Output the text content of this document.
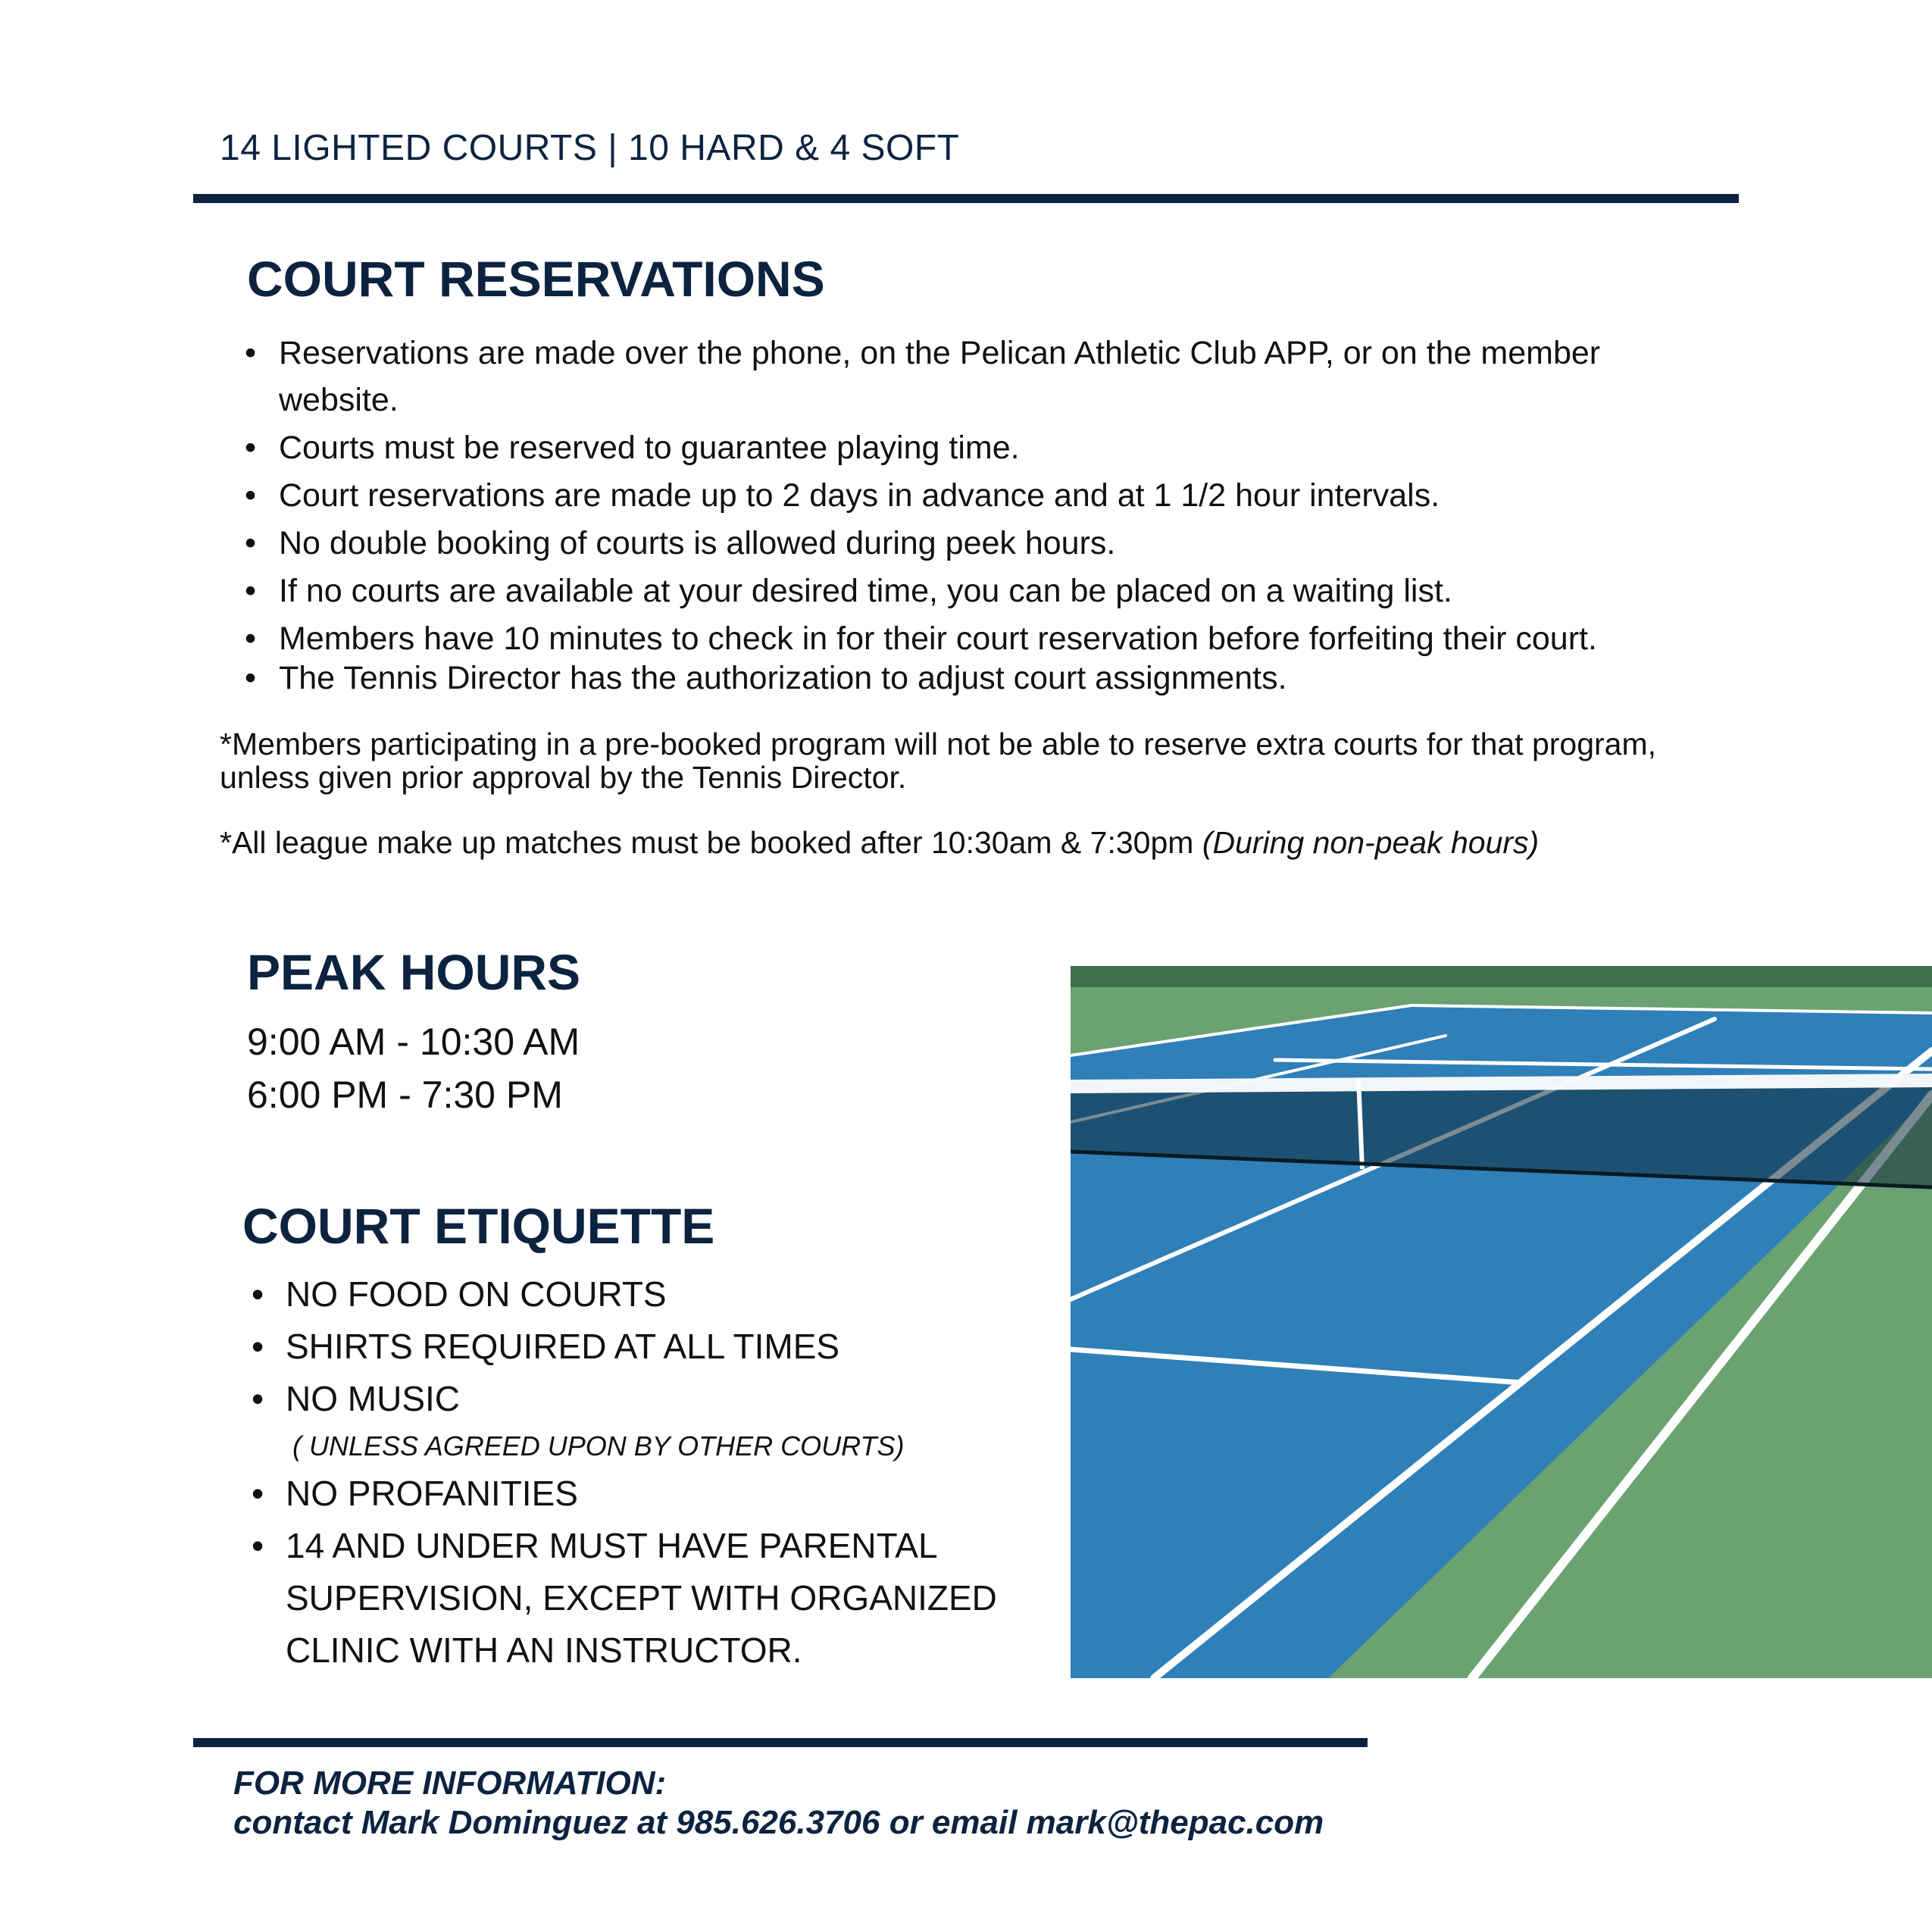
14 LIGHTED COURTS | 10 HARD & 4 SOFT
COURT RESERVATIONS
• Reservations are made over the phone, on the Pelican Athletic Club APP, or on the member website.
• Courts must be reserved to guarantee playing time.
• Court reservations are made up to 2 days in advance and at 1 1/2 hour intervals.
• No double booking of courts is allowed during peek hours.
• If no courts are available at your desired time, you can be placed on a waiting list.
• Members have 10 minutes to check in for their court reservation before forfeiting their court.
• The Tennis Director has the authorization to adjust court assignments.
*Members participating in a pre-booked program will not be able to reserve extra courts for that program, unless given prior approval by the Tennis Director.
*All league make up matches must be booked after 10:30am & 7:30pm (During non-peak hours)
PEAK HOURS
9:00 AM - 10:30 AM
6:00 PM - 7:30 PM
COURT ETIQUETTE
• NO FOOD ON COURTS
• SHIRTS REQUIRED AT ALL TIMES
• NO MUSIC
( UNLESS AGREED UPON BY OTHER COURTS)
• NO PROFANITIES
• 14 AND UNDER MUST HAVE PARENTAL SUPERVISION, EXCEPT WITH ORGANIZED CLINIC WITH AN INSTRUCTOR.
FOR MORE INFORMATION:
contact Mark Dominguez at 985.626.3706 or email mark@thepac.com
